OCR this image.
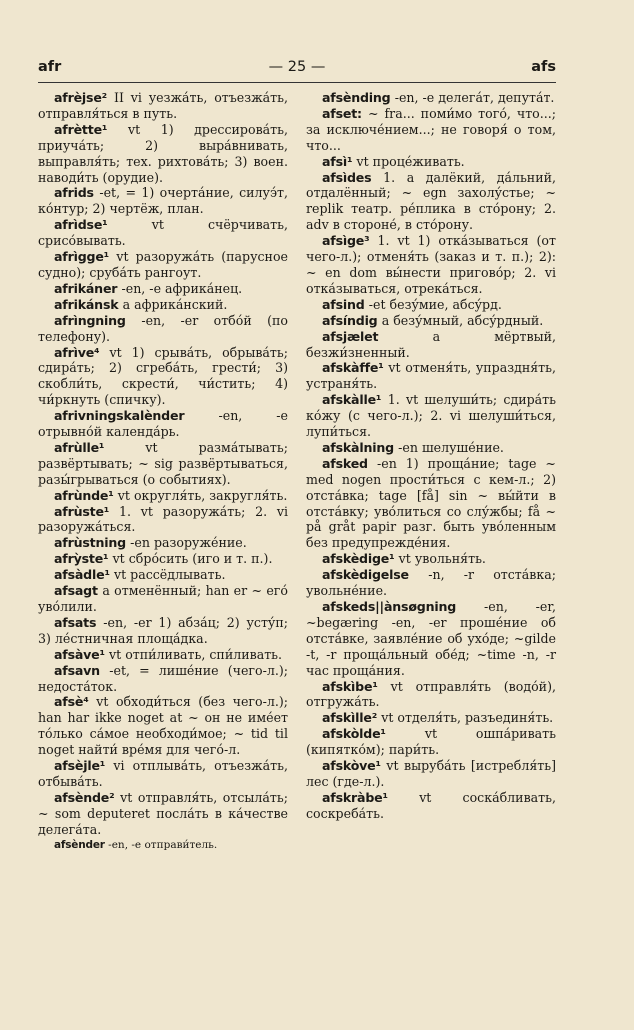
afr	— 25 —	afs

afrèjse² II vi уезжа́ть, отъезжа́ть, отправля́ться в путь.

afrètte¹ vt 1) дрессирова́ть, приуча́ть; 2) выра́внивать, выправля́ть; тех. рихтова́ть; 3) воен. наводи́ть (орудие).

afrids -et, = 1) очерта́ние, силуэ́т, ко́нтур; 2) чертёж, план.

afrìdse¹ vt счёрчивать, срисо́вывать.

afrìgge¹ vt разоружа́ть (парусное судно); сруба́ть рангоут.

afrikáner -en, -e африка́нец.

afrikánsk a африка́нский.

afrìngning -en, -er отбо́й (по телефону).

afrìve⁴ vt 1) срыва́ть, обрыва́ть; сдира́ть; 2) сгреба́ть, грести́; 3) скобли́ть, скрести́, чи́стить; 4) чи́ркнуть (спичку).

afrivningskalènder -en, -e отрывно́й календа́рь.

afrùlle¹ vt разма́тывать; развёртывать; ~ sig развёртываться, разы́грываться (о событиях).

afrùnde¹ vt округля́ть, закругля́ть.

afrùste¹ 1. vt разоружа́ть; 2. vi разоружа́ться.

afrùstning -en разоруже́ние.

afrỳste¹ vt сбро́сить (иго и т. п.).

afsàdle¹ vt рассёдлывать.

afsagt a отменённый; han er ~ его́ уво́лили.

afsats -en, -er 1) абза́ц; 2) усту́п; 3) ле́стничная площа́дка.

afsàve¹ vt отпи́ливать, спи́ливать.

afsavn -et, = лише́ние (чего-л.); недоста́ток.

afsè⁴ vt обходи́ться (без чего-л.); han har ikke noget at ~ он не име́ет то́лько са́мое необходи́мое; ~ tid til noget найти́ вре́мя для чего́-л.

afsèjle¹ vi отплыва́ть, отъезжа́ть, отбыва́ть.

afsènde² vt отправля́ть, отсыла́ть; ~ som deputeret посла́ть в ка́честве делега́та.

afsènder -en, -e отправи́тель.

afsènding -en, -e делега́т, депута́т.

afset: ~ fra... поми́мо того́, что...; за исключе́нием...; не говоря́ о том, что...

afsì¹ vt проце́живать.

afsìdes 1. a далёкий, да́льний, отдалённый; ~ egn захолу́стье; ~ replik театр. ре́плика в сто́рону; 2. adv в стороне́, в сто́рону.

afsìge³ 1. vt 1) отка́зываться (от чего-л.); отменя́ть (заказ и т. п.); 2): ~ en dom вы́нести пригово́р; 2. vi отка́зываться, отрека́ться.

afsind -et безу́мие, абсу́рд.

afsíndig a безу́мный, абсу́рдный.

afsjælet a мёртвый, безжи́зненный.

afskàffe¹ vt отменя́ть, упраздня́ть, устраня́ть.

afskàlle¹ 1. vt шелуши́ть; сдира́ть ко́жу (с чего-л.); 2. vi шелуши́ться, лупи́ться.

afskàlning -en шелуше́ние.

afsked -en 1) проща́ние; tage ~ med nogen прости́ться с кем-л.; 2) отста́вка; tage [få] sin ~ вы́йти в отста́вку; уво́литься со слу́жбы; få ~ på gråt papir разг. быть уво́ленным без предупрежде́ния.

afskèdige¹ vt увольня́ть.

afskèdigelse -n, -r отста́вка; увольне́ние.

afskeds||ànsøgning -en, -er, ~begæring -en, -er проше́ние об отста́вке, заявле́ние об ухо́де; ~gilde -t, -r проща́льный обе́д; ~time -n, -r час проща́ния.

afskìbe¹ vt отправля́ть (водо́й), отгружа́ть.

afskìlle² vt отделя́ть, разъединя́ть.

afskòlde¹ vt ошпа́ривать (кипятко́м); пари́ть.

afskòve¹ vt выруба́ть [истребля́ть] лес (где-л.).

afskràbe¹ vt соска́бливать, соскреба́ть.
